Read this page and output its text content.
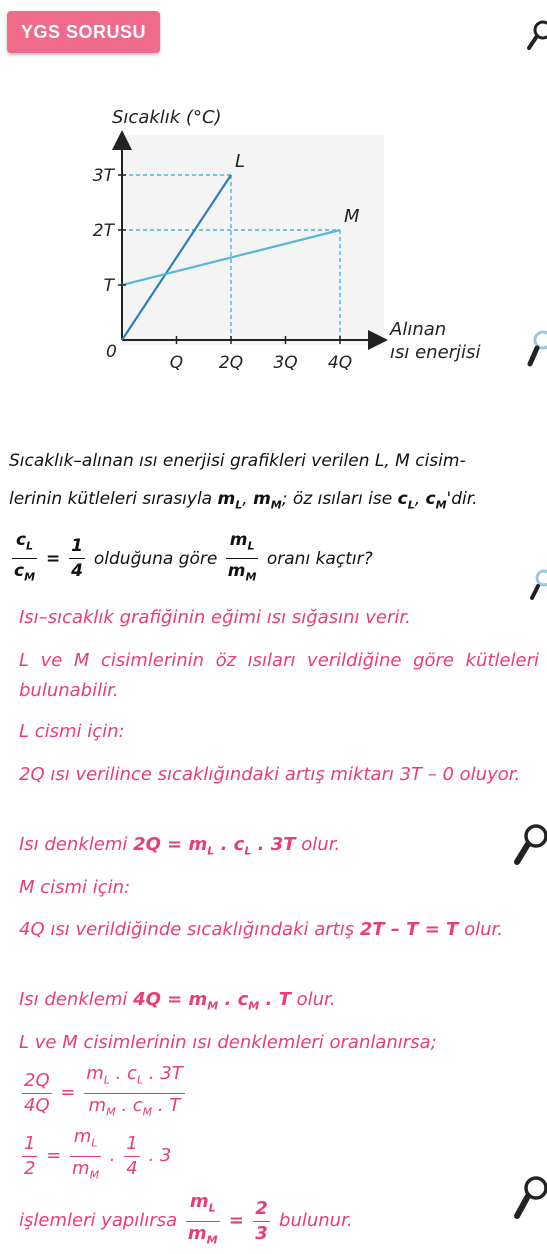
YGS SORUSU
L
M
Q 2Q 3Q 4Q
T
2T
3T
Sıcaklık (°C)
Alınan
ısı enerjisi
0
Sıcaklık–alınan ısı enerjisi grafikleri verilen L, M cisim-
lerinin kütleleri sırasıyla $m_L$, $m_M$; öz ısıları ise $c_L$, $c_M'dir$.
$\frac{c_L}{c_M} = \frac{1}{4}$ olduğuna göre $\frac{m_L}{m_M}$ oranı kaçtır?
Isı–sıcaklık grafiğinin eğimi ısı sığasını verir.
L ve M cisimlerinin öz ısıları verildiğine göre kütleleri bulunabilir.
L cismi için:
2Q ısı verilince sıcaklığındaki artış miktarı 3T – 0 oluyor.
Isı denklemi $2Q = m_L$ . $c_L$ . 3T olur.
M cismi için:
4Q ısı verildiğinde sıcaklığındaki artış 2T – T = T olur.
Isı denklemi $4Q = m_M$ . $c_M$ . T olur.
L ve M cisimlerinin ısı denklemleri oranlanırsa;
$\frac{2Q}{4Q} = \frac{m_L . c_L . 3T}{m_M . c_M . T}$
$\frac{1}{2} = \frac{m_L}{m_M}$ . $\frac{1}{4}$ . 3
işlemleri yapılırsa $\frac{m_L}{m_M} = \frac{2}{3}$ bulunur.
